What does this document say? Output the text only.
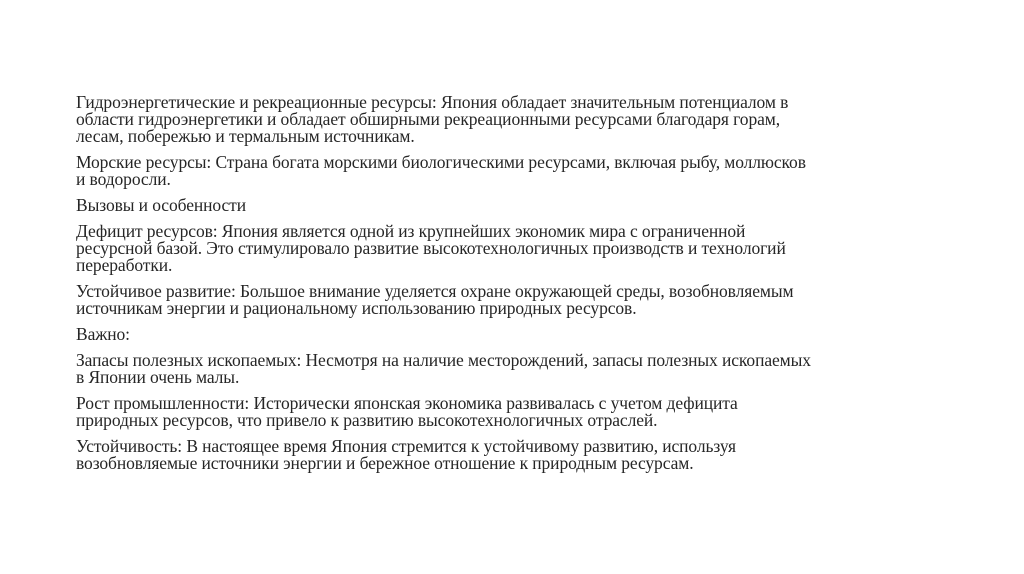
Гидроэнергетические и рекреационные ресурсы: Япония обладает значительным потенциалом в
области гидроэнергетики и обладает обширными рекреационными ресурсами благодаря горам,
лесам, побережью и термальным источникам.

Морские ресурсы: Страна богата морскими биологическими ресурсами, включая рыбу, моллюсков
и водоросли.

Вызовы и особенности

Дефицит ресурсов: Япония является одной из крупнейших экономик мира с ограниченной
ресурсной базой. Это стимулировало развитие высокотехнологичных производств и технологий
переработки.

Устойчивое развитие: Большое внимание уделяется охране окружающей среды, возобновляемым
источникам энергии и рациональному использованию природных ресурсов.

Важно:

Запасы полезных ископаемых: Несмотря на наличие месторождений, запасы полезных ископаемых
в Японии очень малы.

Рост промышленности: Исторически японская экономика развивалась с учетом дефицита
природных ресурсов, что привело к развитию высокотехнологичных отраслей.

Устойчивость: В настоящее время Япония стремится к устойчивому развитию, используя
возобновляемые источники энергии и бережное отношение к природным ресурсам.
